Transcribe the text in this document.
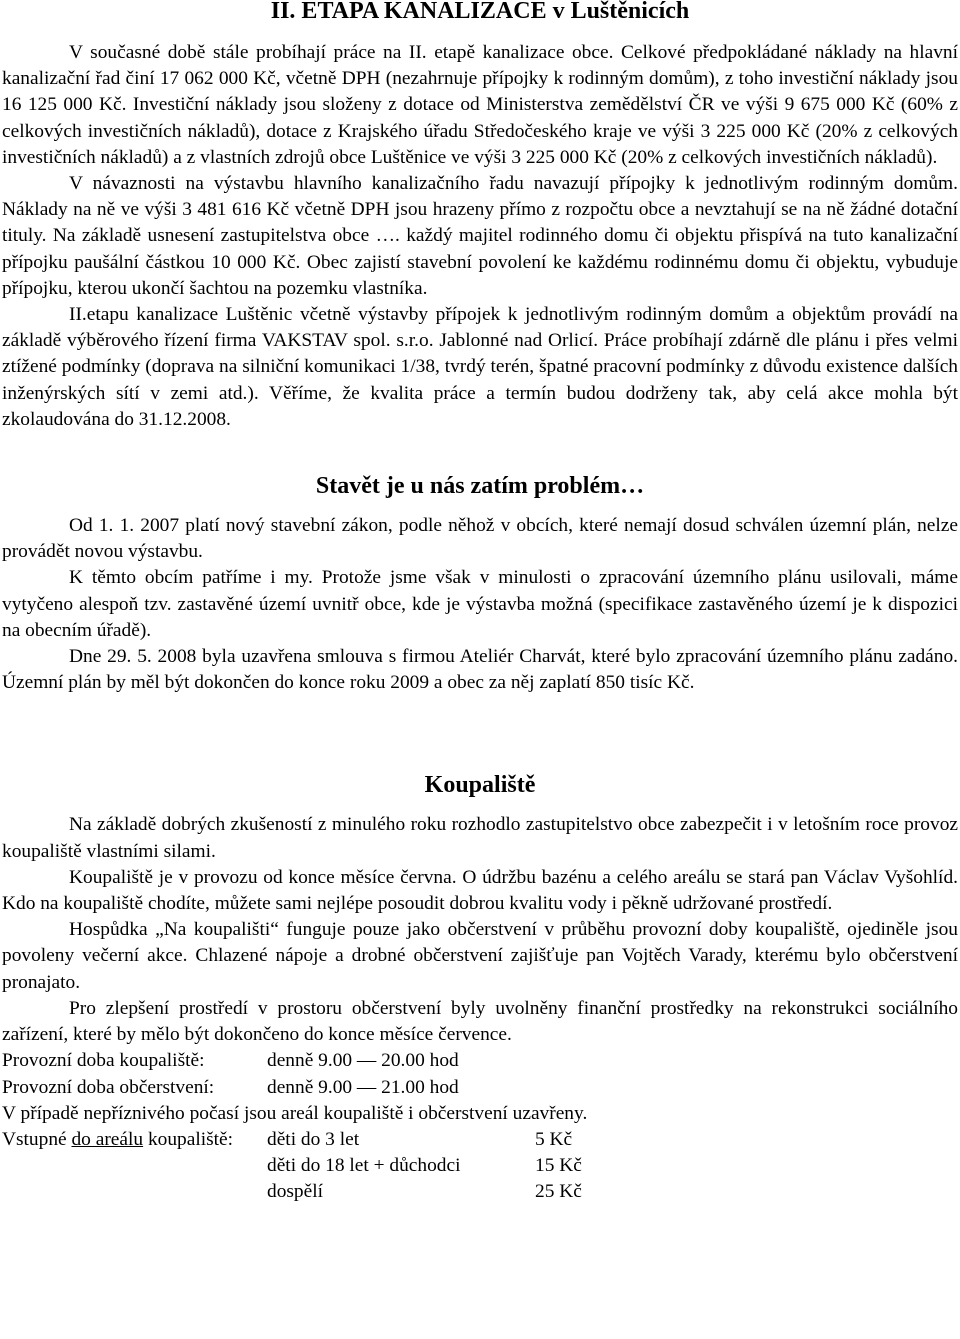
II. ETAPA KANALIZACE v Luštěnicích

V současné době stále probíhají práce na II. etapě kanalizace obce. Celkové předpokládané náklady na hlavní kanalizační řad činí 17 062 000 Kč, včetně DPH (nezahrnuje přípojky k rodinným domům), z toho investiční náklady jsou 16 125 000 Kč. Investiční náklady jsou složeny z dotace od Ministerstva zemědělství ČR ve výši 9 675 000 Kč (60% z celkových investičních nákladů), dotace z Krajského úřadu Středočeského kraje ve výši 3 225 000 Kč (20% z celkových investičních nákladů) a z vlastních zdrojů obce Luštěnice ve výši 3 225 000 Kč (20% z celkových investičních nákladů).

V návaznosti na výstavbu hlavního kanalizačního řadu navazují přípojky k jednotlivým rodinným domům. Náklady na ně ve výši 3 481 616 Kč včetně DPH jsou hrazeny přímo z rozpočtu obce a nevztahují se na ně žádné dotační tituly. Na základě usnesení zastupitelstva obce …. každý majitel rodinného domu či objektu přispívá na tuto kanalizační přípojku paušální částkou 10 000 Kč. Obec zajistí stavební povolení ke každému rodinnému domu či objektu, vybuduje přípojku, kterou ukončí šachtou na pozemku vlastníka.

II.etapu kanalizace Luštěnic včetně výstavby přípojek k jednotlivým rodinným domům a objektům provádí na základě výběrového řízení firma VAKSTAV spol. s.r.o. Jablonné nad Orlicí. Práce probíhají zdárně dle plánu i přes velmi ztížené podmínky (doprava na silniční komunikaci 1/38, tvrdý terén, špatné pracovní podmínky z důvodu existence dalších inženýrských sítí v zemi atd.). Věříme, že kvalita práce a termín budou dodrženy tak, aby celá akce mohla být zkolaudována do 31.12.2008.

Stavět je u nás zatím problém…

Od 1. 1. 2007 platí nový stavební zákon, podle něhož v obcích, které nemají dosud schválen územní plán, nelze provádět novou výstavbu.

K těmto obcím patříme i my. Protože jsme však v minulosti o zpracování územního plánu usilovali, máme vytyčeno alespoň tzv. zastavěné území uvnitř obce, kde je výstavba možná (specifikace zastavěného území je k dispozici na obecním úřadě).

Dne 29. 5. 2008 byla uzavřena smlouva s firmou Ateliér Charvát, které bylo zpracování územního plánu zadáno. Územní plán by měl být dokončen do konce roku 2009 a obec za něj zaplatí 850 tisíc Kč.

Koupaliště

Na základě dobrých zkušeností z minulého roku rozhodlo zastupitelstvo obce zabezpečit i v letošním roce provoz koupaliště vlastními silami.

Koupaliště je v provozu od konce měsíce června. O údržbu bazénu a celého areálu se stará pan Václav Vyšohlíd. Kdo na koupaliště chodíte, můžete sami nejlépe posoudit dobrou kvalitu vody i pěkně udržované prostředí.

Hospůdka „Na koupališti“ funguje pouze jako občerstvení v průběhu provozní doby koupaliště, ojediněle jsou povoleny večerní akce. Chlazené nápoje a drobné občerstvení zajišťuje pan Vojtěch Varady, kterému bylo občerstvení pronajato.

Pro zlepšení prostředí v prostoru občerstvení byly uvolněny finanční prostředky na rekonstrukci sociálního zařízení, které by mělo být dokončeno do konce měsíce července.

Provozní doba koupaliště:	denně 9.00 — 20.00 hod
Provozní doba občerstvení:	denně 9.00 — 21.00 hod

V případě nepříznivého počasí jsou areál koupaliště i občerstvení uzavřeny.

Vstupné do areálu koupaliště:	děti do 3 let	5 Kč
děti do 18 let + důchodci	15 Kč
dospělí	25 Kč
